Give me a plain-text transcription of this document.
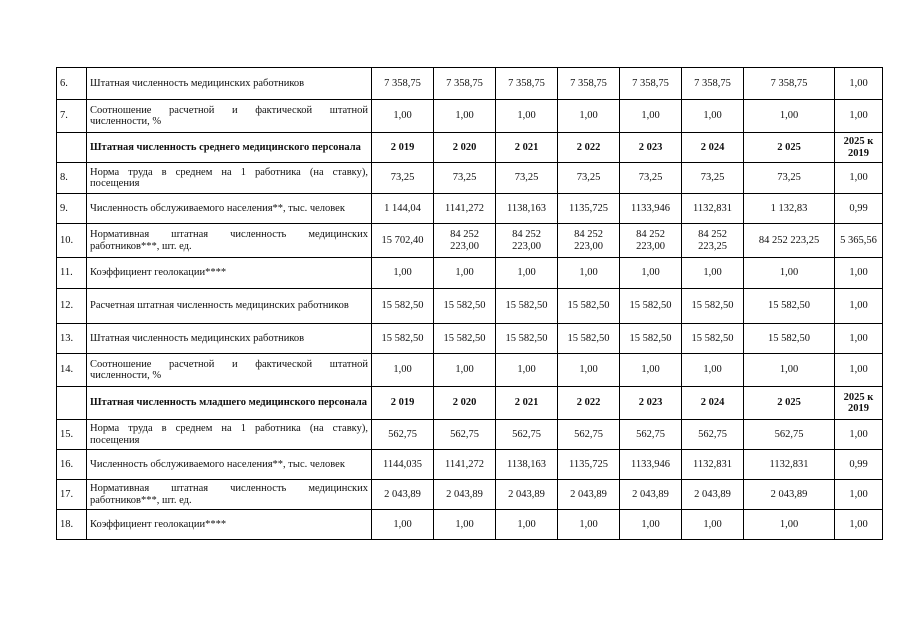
6.	Штатная численность медицинских работников	7 358,75	7 358,75	7 358,75	7 358,75	7 358,75	7 358,75	7 358,75	1,00
7.	Соотношение расчетной и фактической штатной численности, %	1,00	1,00	1,00	1,00	1,00	1,00	1,00	1,00
	Штатная численность среднего медицинского персонала	2 019	2 020	2 021	2 022	2 023	2 024	2 025	2025 к 2019
8.	Норма труда в среднем на 1 работника (на ставку), посещения	73,25	73,25	73,25	73,25	73,25	73,25	73,25	1,00
9.	Численность обслуживаемого населения**, тыс. человек	1 144,04	1141,272	1138,163	1135,725	1133,946	1132,831	1 132,83	0,99
10.	Нормативная штатная численность медицинских работников***, шт. ед.	15 702,40	84 252 223,00	84 252 223,00	84 252 223,00	84 252 223,00	84 252 223,25	84 252 223,25	5 365,56
11.	Коэффициент геолокации****	1,00	1,00	1,00	1,00	1,00	1,00	1,00	1,00
12.	Расчетная штатная численность медицинских работников	15 582,50	15 582,50	15 582,50	15 582,50	15 582,50	15 582,50	15 582,50	1,00
13.	Штатная численность медицинских работников	15 582,50	15 582,50	15 582,50	15 582,50	15 582,50	15 582,50	15 582,50	1,00
14.	Соотношение расчетной и фактической штатной численности, %	1,00	1,00	1,00	1,00	1,00	1,00	1,00	1,00
	Штатная численность младшего медицинского персонала	2 019	2 020	2 021	2 022	2 023	2 024	2 025	2025 к 2019
15.	Норма труда в среднем на 1 работника (на ставку), посещения	562,75	562,75	562,75	562,75	562,75	562,75	562,75	1,00
16.	Численность обслуживаемого населения**, тыс. человек	1144,035	1141,272	1138,163	1135,725	1133,946	1132,831	1132,831	0,99
17.	Нормативная штатная численность медицинских работников***, шт. ед.	2 043,89	2 043,89	2 043,89	2 043,89	2 043,89	2 043,89	2 043,89	1,00
18.	Коэффициент геолокации****	1,00	1,00	1,00	1,00	1,00	1,00	1,00	1,00
